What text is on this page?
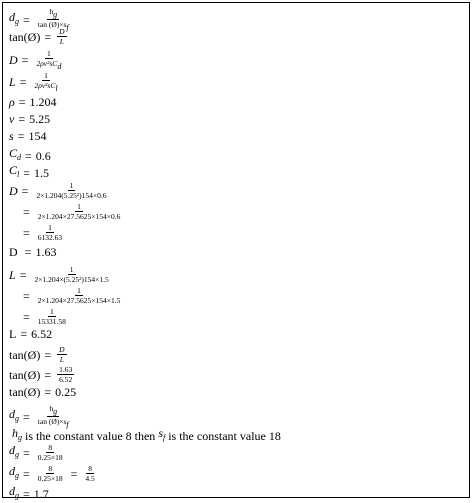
$d_g = \frac{h_g}{\tan (Ø)\times s_f}$
tan(Ø) = $\frac{D}{L}$
$D = \frac{1}{2\rho v^2sC_d}$
$L = \frac{1}{2\rho v^2sC_l}$
ρ = 1.204
v = 5.25
s = 154
$C_d = 0.6$
$C_l = 1.5$
$D = \frac{1}{\text{2×1.204(5.25²)154×0.6}}$
= $\frac{1}{2\times 1.204\times 27.5625\times 154\times 0.6}$
= $\frac{1}{6132.63}$
D = 1.63
$L = \frac{1}{\text{2×1.204×(5.25²)154×1.5}}$
= $\frac{1}{2\times 1.204\times 27.5625\times 154\times 1.5}$
= $\frac{1}{15331.58}$
L = 6.52
tan(Ø) = $\frac{D}{L}$
tan(Ø) = $\frac{1.63}{6.52}$
tan(Ø) = 0.25
$d_g = \frac{h_g}{\tan (Ø)\times s_f}$

$h_g$
is the constant value 8 then
$s_f$
is the constant value 18
$d_g = \frac{8}{0.25\times 18}$
$d_g = \frac{8}{0.25\times 18} = \frac{8}{4.5}$
$d_g = 1.7$
